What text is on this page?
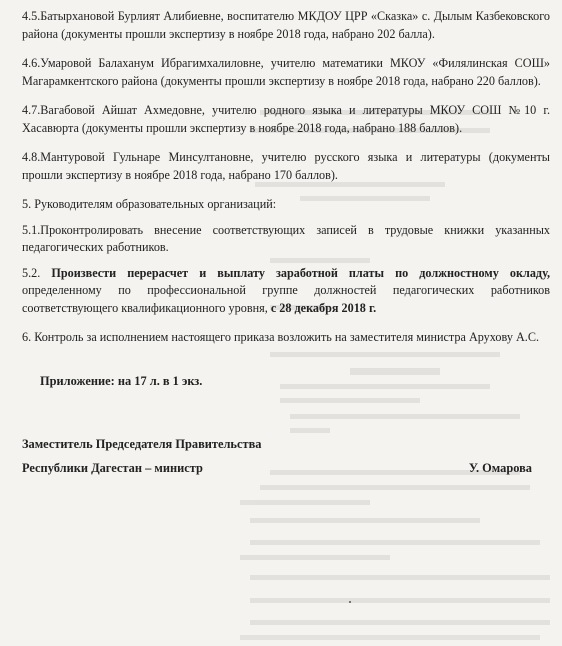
4.5.Батырхановой Бурлият Алибиевне, воспитателю МКДОУ ЦРР «Сказка» с. Дылым Казбековского района (документы прошли экспертизу в ноябре 2018 года, набрано 202 балла).

4.6.Умаровой Балаханум Ибрагимхалиловне, учителю математики МКОУ «Филялинская СОШ» Магарамкентского района (документы прошли экспертизу в ноябре 2018 года, набрано 220 баллов).

4.7.Вагабовой Айшат Ахмедовне, учителю родного языка и литературы МКОУ СОШ №10 г. Хасавюрта (документы прошли экспертизу в ноябре 2018 года, набрано 188 баллов).

4.8.Мантуровой Гульнаре Минсултановне, учителю русского языка и литературы (документы прошли экспертизу в ноябре 2018 года, набрано 170 баллов).

5. Руководителям образовательных организаций:

5.1.Проконтролировать внесение соответствующих записей в трудовые книжки указанных педагогических работников.

5.2. Произвести перерасчет и выплату заработной платы по должностному окладу, определенному по профессиональной группе должностей педагогических работников соответствующего квалификационного уровня, с 28 декабря 2018 г.

6. Контроль за исполнением настоящего приказа возложить на заместителя министра Арухову А.С.

Приложение: на 17 л. в 1 экз.
Заместитель Председателя Правительства
Республики Дагестан – министр	У. Омарова
